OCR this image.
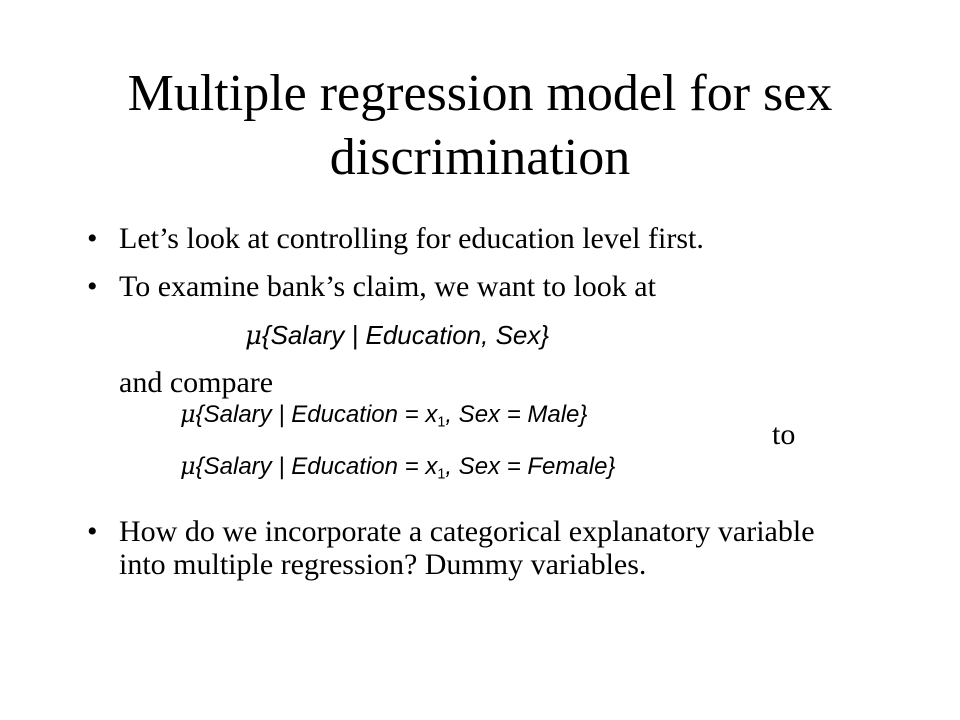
Multiple regression model for sex discrimination
• Let’s look at controlling for education level first.
• To examine bank’s claim, we want to look at
μ{Salary | Education, Sex}
and compare
μ{Salary | Education = $x_1$, Sex = Male}
to
μ{Salary | Education = $x_1$, Sex = Female}
• How do we incorporate a categorical explanatory variable into multiple regression? Dummy variables.
